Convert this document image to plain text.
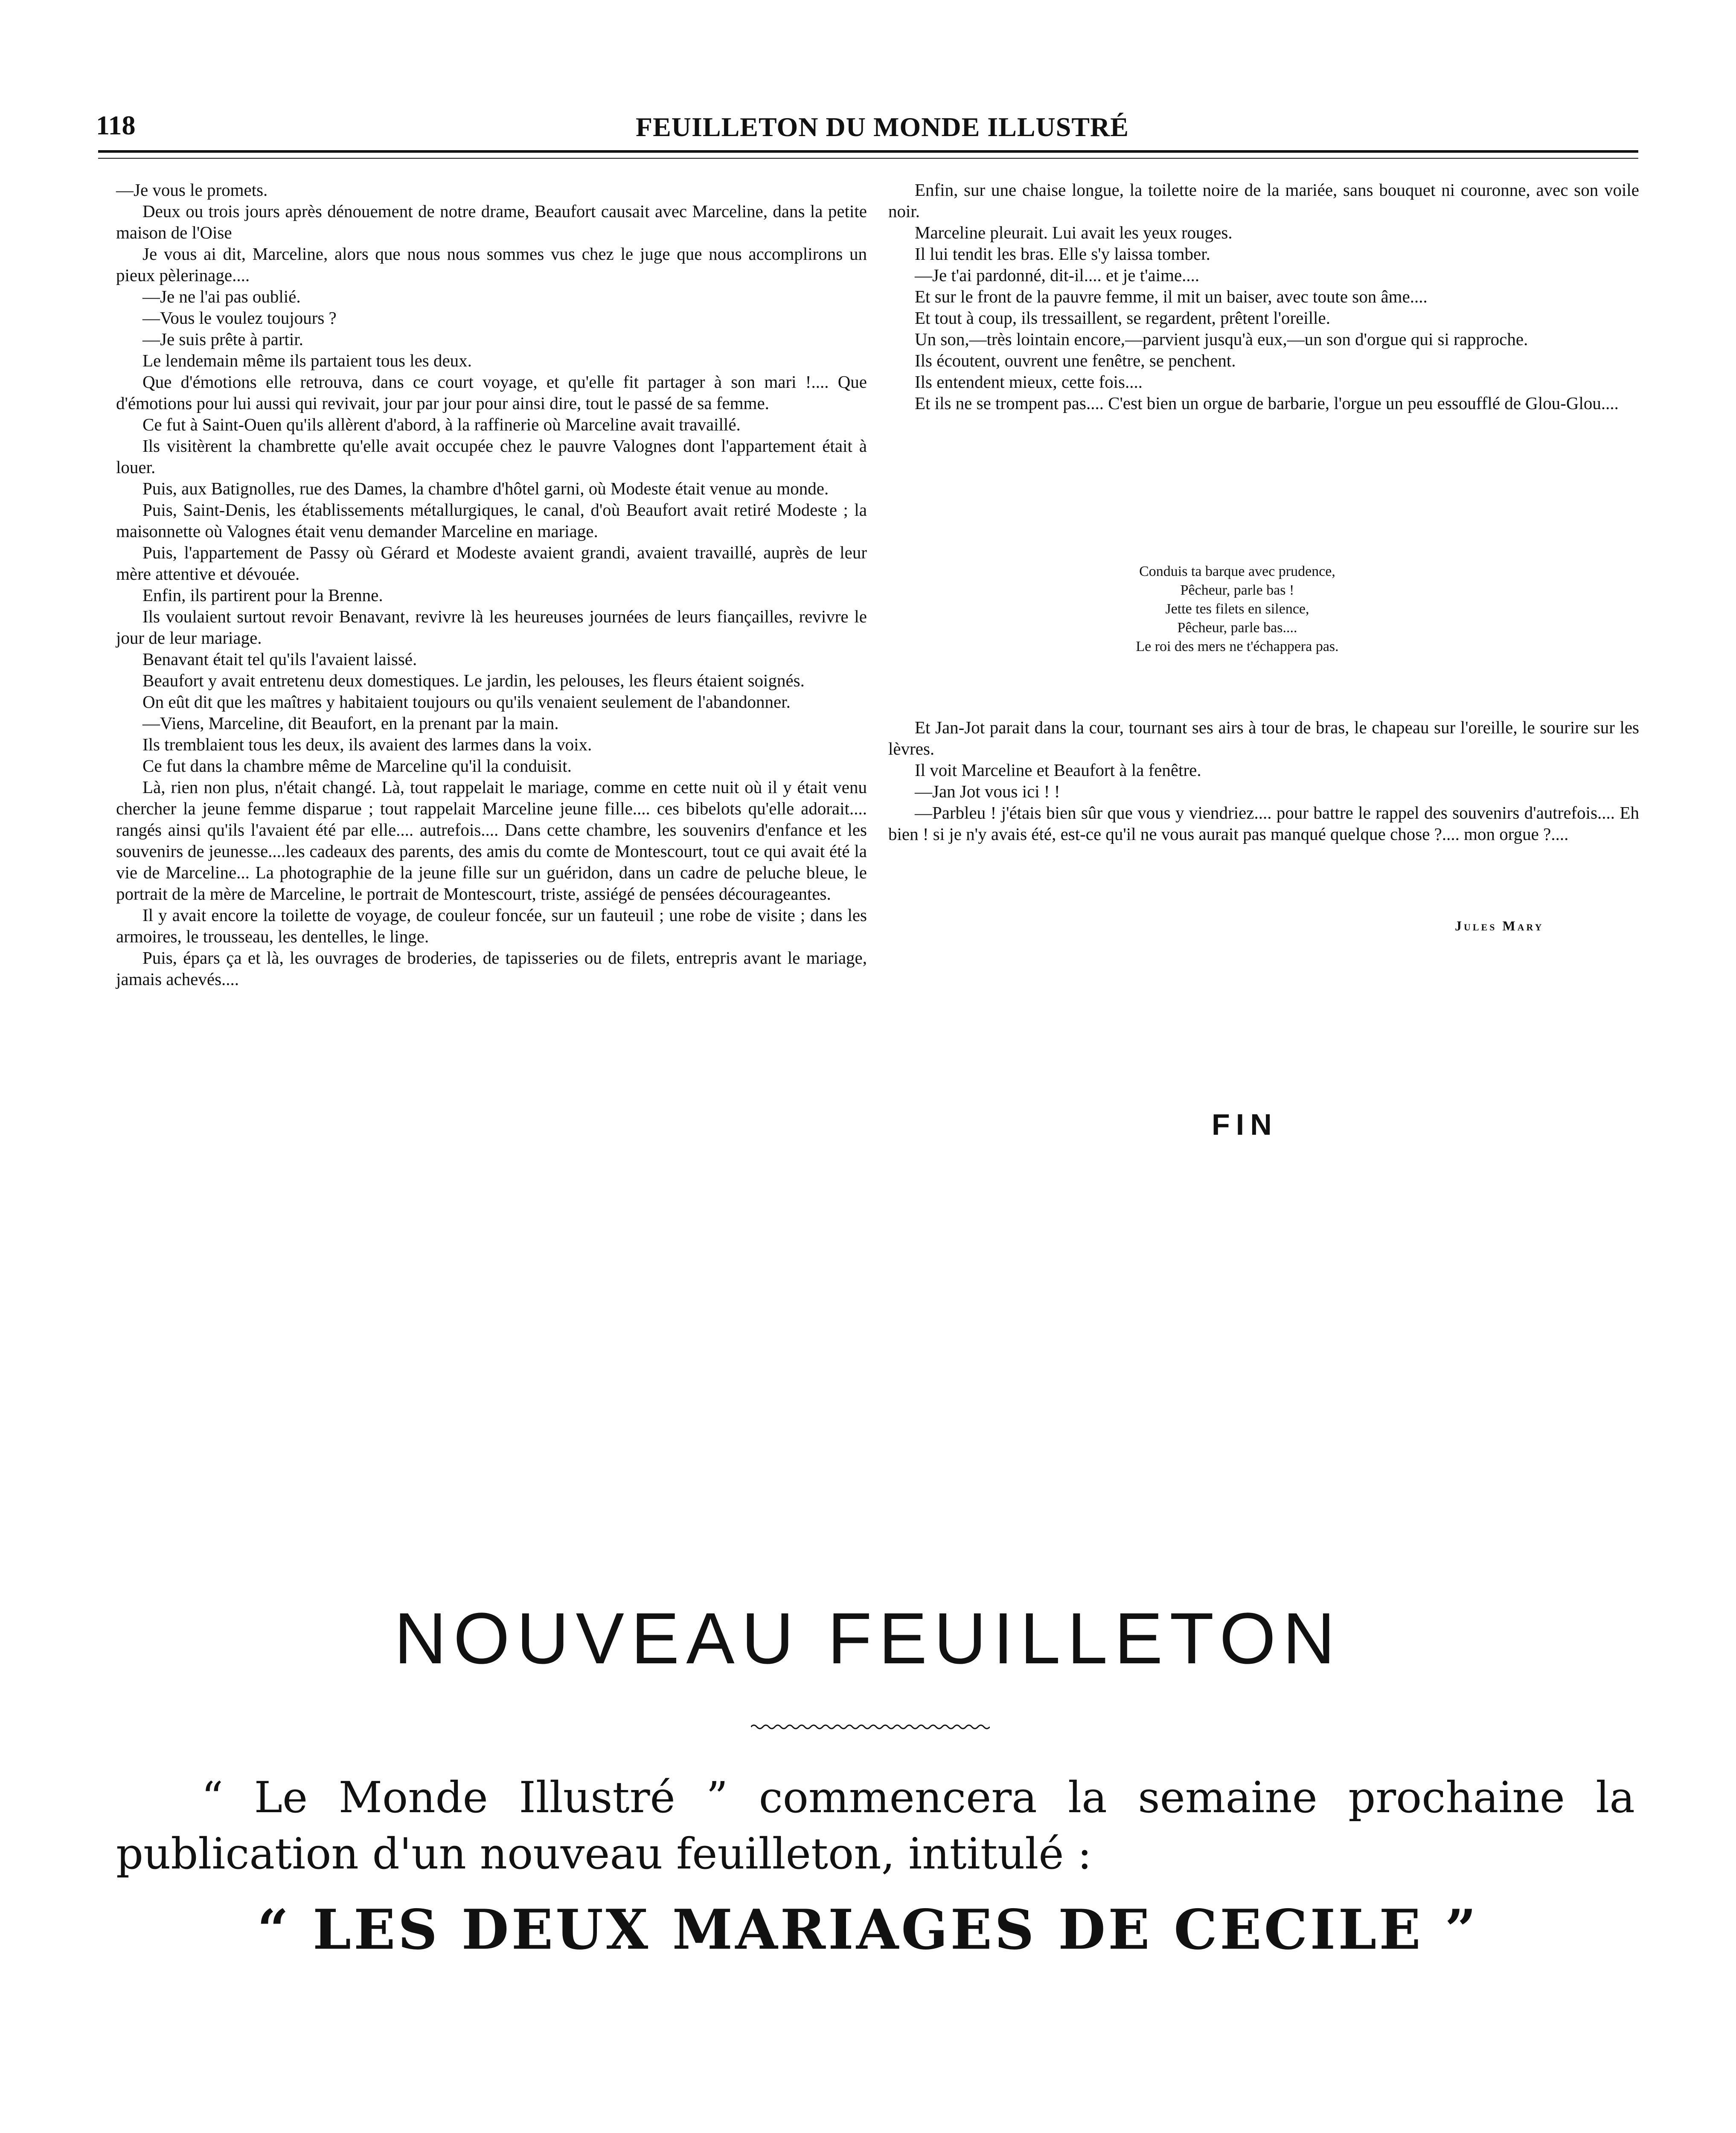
118	FEUILLETON DU MONDE ILLUSTRÉ

—Je vous le promets.

Deux ou trois jours après dénouement de notre drame, Beaufort causait avec Marceline, dans la petite maison de l'Oise

Je vous ai dit, Marceline, alors que nous nous sommes vus chez le juge que nous accomplirons un pieux pèlerinage....

—Je ne l'ai pas oublié.

—Vous le voulez toujours ?

—Je suis prête à partir.

Le lendemain même ils partaient tous les deux.

Que d'émotions elle retrouva, dans ce court voyage, et qu'elle fit partager à son mari !.... Que d'émotions pour lui aussi qui revivait, jour par jour pour ainsi dire, tout le passé de sa femme.

Ce fut à Saint-Ouen qu'ils allèrent d'abord, à la raffinerie où Marceline avait travaillé.

Ils visitèrent la chambrette qu'elle avait occupée chez le pauvre Valognes dont l'appartement était à louer.

Puis, aux Batignolles, rue des Dames, la chambre d'hôtel garni, où Modeste était venue au monde.

Puis, Saint-Denis, les établissements métallurgiques, le canal, d'où Beaufort avait retiré Modeste ; la maisonnette où Valognes était venu demander Marceline en mariage.

Puis, l'appartement de Passy où Gérard et Modeste avaient grandi, avaient travaillé, auprès de leur mère attentive et dévouée.

Enfin, ils partirent pour la Brenne.

Ils voulaient surtout revoir Benavant, revivre là les heureuses journées de leurs fiançailles, revivre le jour de leur mariage.

Benavant était tel qu'ils l'avaient laissé.

Beaufort y avait entretenu deux domestiques. Le jardin, les pelouses, les fleurs étaient soignés.

On eût dit que les maîtres y habitaient toujours ou qu'ils venaient seulement de l'abandonner.

—Viens, Marceline, dit Beaufort, en la prenant par la main.

Ils tremblaient tous les deux, ils avaient des larmes dans la voix.

Ce fut dans la chambre même de Marceline qu'il la conduisit.

Là, rien non plus, n'était changé. Là, tout rappelait le mariage, comme en cette nuit où il y était venu chercher la jeune femme disparue ; tout rappelait Marceline jeune fille.... ces bibelots qu'elle adorait.... rangés ainsi qu'ils l'avaient été par elle.... autrefois.... Dans cette chambre, les souvenirs d'enfance et les souvenirs de jeunesse....les cadeaux des parents, des amis du comte de Montescourt, tout ce qui avait été la vie de Marceline... La photographie de la jeune fille sur un guéridon, dans un cadre de peluche bleue, le portrait de la mère de Marceline, le portrait de Montescourt, triste, assiégé de pensées décourageantes.

Il y avait encore la toilette de voyage, de couleur foncée, sur un fauteuil ; une robe de visite ; dans les armoires, le trousseau, les dentelles, le linge.

Puis, épars ça et là, les ouvrages de broderies, de tapisseries ou de filets, entrepris avant le mariage, jamais achevés....

Enfin, sur une chaise longue, la toilette noire de la mariée, sans bouquet ni couronne, avec son voile noir.

Marceline pleurait. Lui avait les yeux rouges.

Il lui tendit les bras. Elle s'y laissa tomber.

—Je t'ai pardonné, dit-il.... et je t'aime....

Et sur le front de la pauvre femme, il mit un baiser, avec toute son âme....

Et tout à coup, ils tressaillent, se regardent, prêtent l'oreille.

Un son,—très lointain encore,—parvient jusqu'à eux,—un son d'orgue qui si rapproche.

Ils écoutent, ouvrent une fenêtre, se penchent.

Ils entendent mieux, cette fois....

Et ils ne se trompent pas.... C'est bien un orgue de barbarie, l'orgue un peu essoufflé de Glou-Glou....

Conduis ta barque avec prudence,
Pêcheur, parle bas !
Jette tes filets en silence,
Pêcheur, parle bas....
Le roi des mers ne t'échappera pas.

Et Jan-Jot parait dans la cour, tournant ses airs à tour de bras, le chapeau sur l'oreille, le sourire sur les lèvres.

Il voit Marceline et Beaufort à la fenêtre.

—Jan Jot vous ici ! !

—Parbleu ! j'étais bien sûr que vous y viendriez.... pour battre le rappel des souvenirs d'autrefois.... Eh bien ! si je n'y avais été, est-ce qu'il ne vous aurait pas manqué quelque chose ?.... mon orgue ?....

Jules Mary
FIN
NOUVEAU FEUILLETON
“ Le Monde Illustré ” commencera la semaine prochaine la
publication d'un nouveau feuilleton, intitulé :
“ LES DEUX MARIAGES DE CECILE ”
